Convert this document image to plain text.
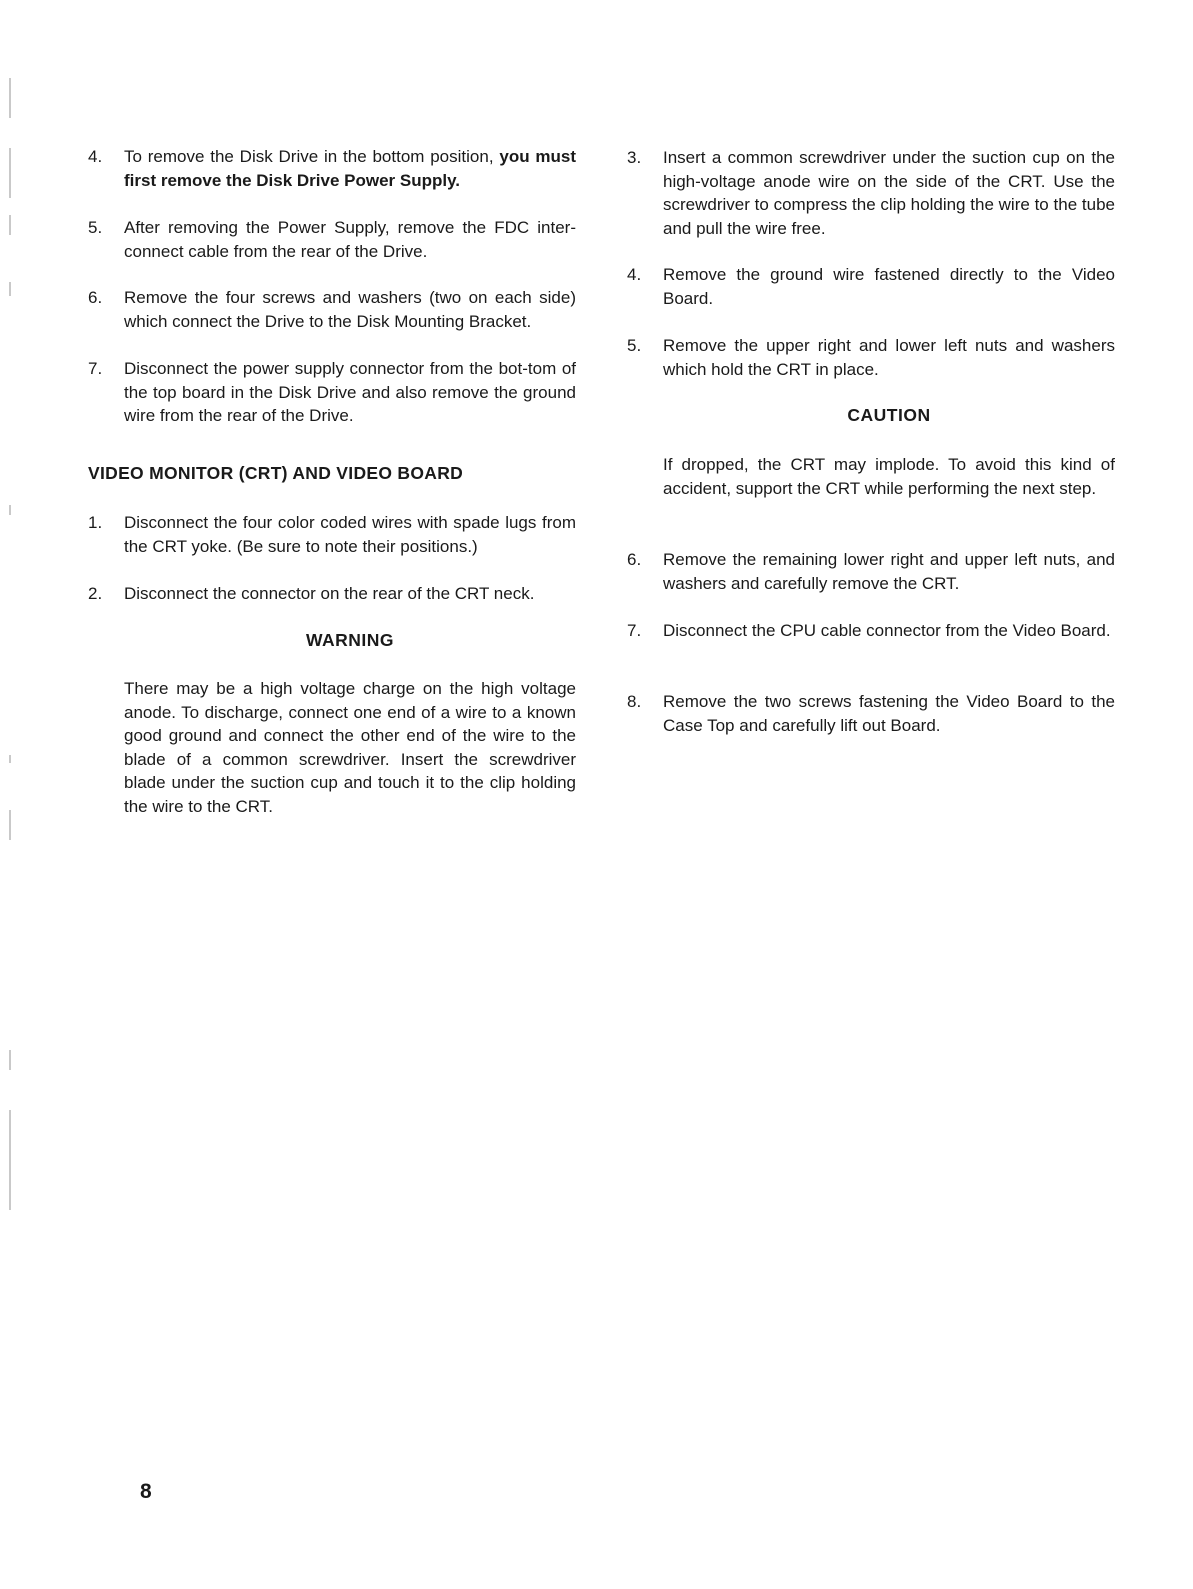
4. To remove the Disk Drive in the bottom position, you must first remove the Disk Drive Power Supply.
5. After removing the Power Supply, remove the FDC inter-connect cable from the rear of the Drive.
6. Remove the four screws and washers (two on each side) which connect the Drive to the Disk Mounting Bracket.
7. Disconnect the power supply connector from the bot-tom of the top board in the Disk Drive and also remove the ground wire from the rear of the Drive.
VIDEO MONITOR (CRT) AND VIDEO BOARD
1. Disconnect the four color coded wires with spade lugs from the CRT yoke. (Be sure to note their positions.)
2. Disconnect the connector on the rear of the CRT neck.
WARNING
There may be a high voltage charge on the high voltage anode. To discharge, connect one end of a wire to a known good ground and connect the other end of the wire to the blade of a common screwdriver. Insert the screwdriver blade under the suction cup and touch it to the clip holding the wire to the CRT.
3. Insert a common screwdriver under the suction cup on the high-voltage anode wire on the side of the CRT. Use the screwdriver to compress the clip holding the wire to the tube and pull the wire free.
4. Remove the ground wire fastened directly to the Video Board.
5. Remove the upper right and lower left nuts and washers which hold the CRT in place.
CAUTION
If dropped, the CRT may implode. To avoid this kind of accident, support the CRT while performing the next step.
6. Remove the remaining lower right and upper left nuts, and washers and carefully remove the CRT.
7. Disconnect the CPU cable connector from the Video Board.
8. Remove the two screws fastening the Video Board to the Case Top and carefully lift out Board.
8
